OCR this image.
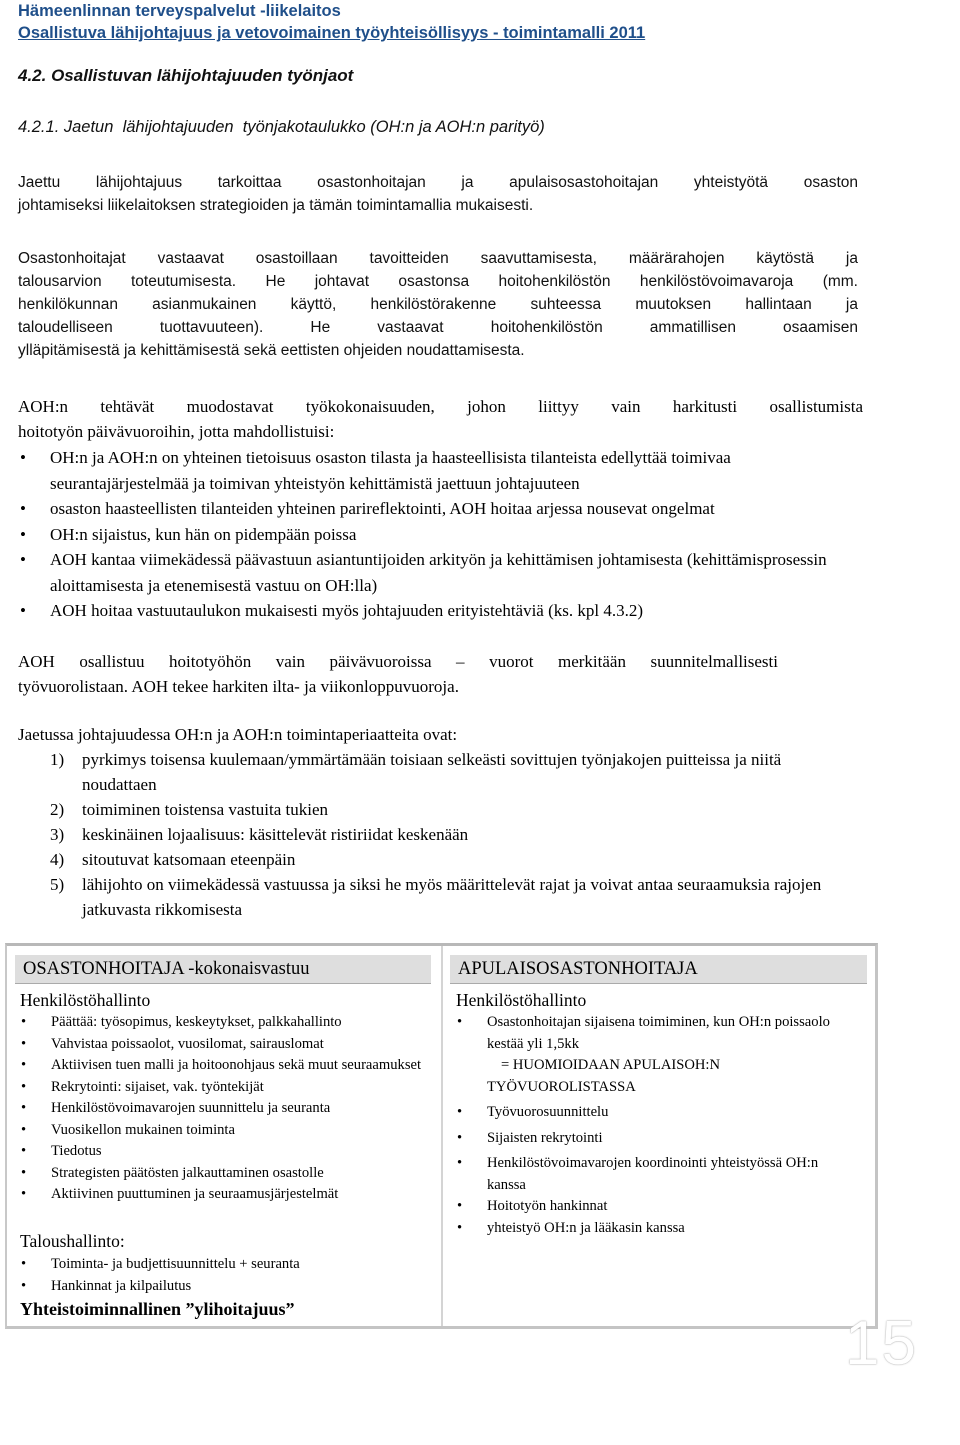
Hämeenlinnan terveyspalvelut -liikelaitos
Osallistuva lähijohtajuus ja vetovoimainen työyhteisöllisyys - toimintamalli 2011
4.2. Osallistuvan lähijohtajuuden työnjaot
4.2.1. Jaetun  lähijohtajuuden  työnjakotaulukko (OH:n ja AOH:n parityö)
Jaettu lähijohtajuus tarkoittaa osastonhoitajan ja apulaisosastohoitajan yhteistyötä osaston
johtamiseksi liikelaitoksen strategioiden ja tämän toimintamallia mukaisesti.
Osastonhoitajat vastaavat osastoillaan tavoitteiden saavuttamisesta, määrärahojen käytöstä ja
talousarvion toteutumisesta. He johtavat osastonsa hoitohenkilöstön henkilöstövoimavaroja (mm.
henkilökunnan asianmukainen käyttö, henkilöstörakenne suhteessa muutoksen hallintaan ja
taloudelliseen tuottavuuteen). He vastaavat hoitohenkilöstön ammatillisen osaamisen
ylläpitämisestä ja kehittämisestä sekä eettisten ohjeiden noudattamisesta.
AOH:n tehtävät muodostavat työkokonaisuuden, johon liittyy vain harkitusti osallistumista
hoitotyön päivävuoroihin, jotta mahdollistuisi:
• OH:n ja AOH:n on yhteinen tietoisuus osaston tilasta ja haasteellisista tilanteista edellyttää toimivaa seurantajärjestelmää ja toimivan yhteistyön kehittämistä jaettuun johtajuuteen
• osaston haasteellisten tilanteiden yhteinen parireflektointi, AOH hoitaa arjessa nousevat ongelmat
• OH:n sijaistus, kun hän on pidempään poissa
• AOH kantaa viimekädessä päävastuun asiantuntijoiden arkityön ja kehittämisen johtamisesta (kehittämisprosessin aloittamisesta ja etenemisestä vastuu on OH:lla)
• AOH hoitaa vastuutaulukon mukaisesti myös johtajuuden erityistehtäviä (ks. kpl 4.3.2)
AOH osallistuu hoitotyöhön vain päivävuoroissa – vuorot merkitään suunnitelmallisesti
työvuorolistaan. AOH tekee harkiten ilta- ja viikonloppuvuoroja.
Jaetussa johtajuudessa OH:n ja AOH:n toimintaperiaatteita ovat:
1) pyrkimys toisensa kuulemaan/ymmärtämään toisiaan selkeästi sovittujen työnjakojen puitteissa ja niitä noudattaen
2) toimiminen toistensa vastuita tukien
3) keskinäinen lojaalisuus: käsittelevät ristiriidat keskenään
4) sitoutuvat katsomaan eteenpäin
5) lähijohto on viimekädessä vastuussa ja siksi he myös määrittelevät rajat ja voivat antaa seuraamuksia rajojen jatkuvasta rikkomisesta
OSASTONHOITAJA -kokonaisvastuu
Henkilöstöhallinto
• Päättää: työsopimus, keskeytykset, palkkahallinto
• Vahvistaa poissaolot, vuosilomat, sairauslomat
• Aktiivisen tuen malli ja hoitoonohjaus sekä muut seuraamukset
• Rekrytointi: sijaiset, vak. työntekijät
• Henkilöstövoimavarojen suunnittelu ja seuranta
• Vuosikellon mukainen toiminta
• Tiedotus
• Strategisten päätösten jalkauttaminen osastolle
• Aktiivinen puuttuminen ja seuraamusjärjestelmät
Taloushallinto:
• Toiminta- ja budjettisuunnittelu + seuranta
• Hankinnat ja kilpailutus
Yhteistoiminnallinen ”ylihoitajuus”
APULAISOSASTONHOITAJA
Henkilöstöhallinto
• Osastonhoitajan sijaisena toimiminen, kun OH:n poissaolo kestää yli 1,5kk
= HUOMIOIDAAN APULAISOH:N
TYÖVUOROLISTASSA
• Työvuorosuunnittelu
• Sijaisten rekrytointi
• Henkilöstövoimavarojen koordinointi yhteistyössä OH:n kanssa
• Hoitotyön hankinnat
• yhteistyö OH:n ja lääkasin kanssa
15
